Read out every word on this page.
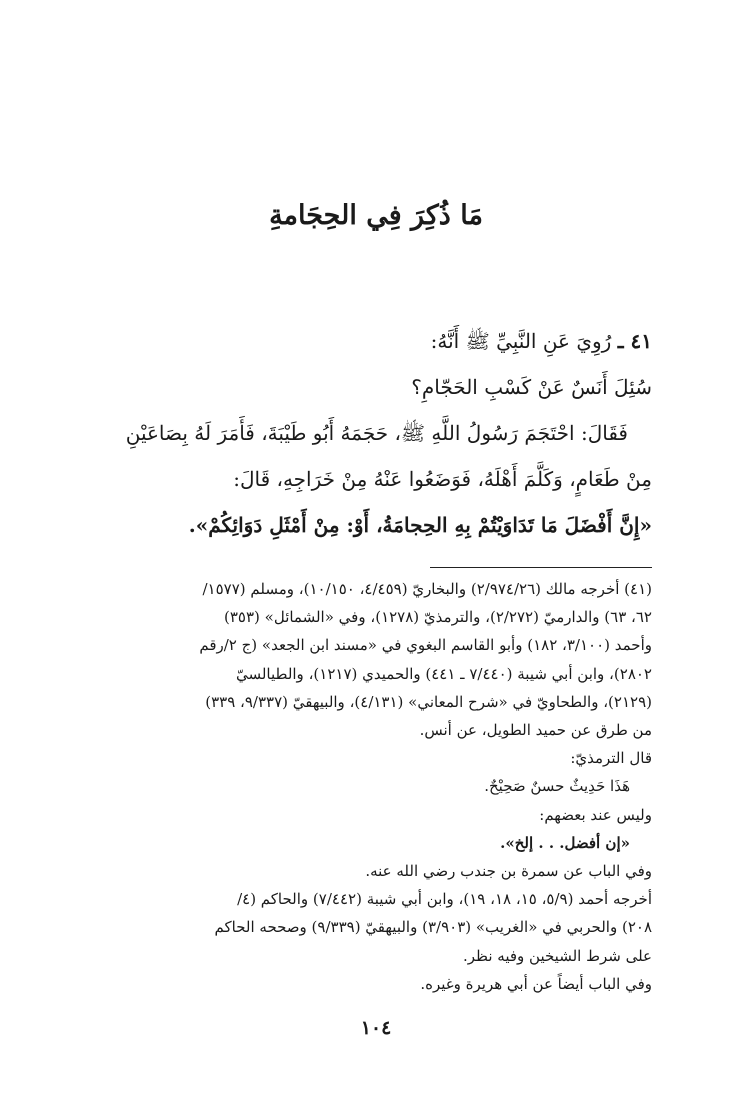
مَا ذُكِرَ فِي الحِجَامةِ

٤١ ـ رُوِيَ عَنِ النَّبِيِّ ﷺ أَنَّهُ:

سُئِلَ أَنَسٌ عَنْ كَسْبِ الحَجّامِ؟

فَقَالَ: احْتَجَمَ رَسُولُ اللَّهِ ﷺ، حَجَمَهُ أَبُو طَيْبَةَ، فَأَمَرَ لَهُ بِصَاعَيْنِ

مِنْ طَعَامٍ، وَكَلَّمَ أَهْلَهُ، فَوَضَعُوا عَنْهُ مِنْ خَرَاجِهِ، قَالَ:

«إِنَّ أَفْضَلَ مَا تَدَاوَيْتُمْ بِهِ الحِجامَةُ، أَوْ: مِنْ أَمْثَلِ دَوَائِكُمْ».

(٤١) أخرجه مالك (٢/٩٧٤/٢٦) والبخاريّ (٤/٤٥٩، ١٠/١٥٠)، ومسلم (١٥٧٧/

٦٢، ٦٣) والدارميّ (٢/٢٧٢)، والترمذيّ (١٢٧٨)، وفي «الشمائل» (٣٥٣)

وأحمد (٣/١٠٠، ١٨٢) وأبو القاسم البغوي في «مسند ابن الجعد» (ج ٢/رقم

٢٨٠٢)، وابن أبي شيبة (٧/٤٤٠ ـ ٤٤١) والحميدي (١٢١٧)، والطيالسيّ

(٢١٢٩)، والطحاويّ في «شرح المعاني» (٤/١٣١)، والبيهقيّ (٩/٣٣٧، ٣٣٩)

من طرق عن حميد الطويل، عن أنس.

قال الترمذيّ:

هَذَا حَدِيثٌ حسنٌ صَحِيْحٌ.

وليس عند بعضهم:

«إن أفضل. . . إلخ».

وفي الباب عن سمرة بن جندب رضي الله عنه.

أخرجه أحمد (٥/٩، ١٥، ١٨، ١٩)، وابن أبي شيبة (٧/٤٤٢) والحاكم (٤/

٢٠٨) والحربي في «الغريب» (٣/٩٠٣) والبيهقيّ (٩/٣٣٩) وصححه الحاكم

على شرط الشيخين وفيه نظر.

وفي الباب أيضاً عن أبي هريرة وغيره.

١٠٤
